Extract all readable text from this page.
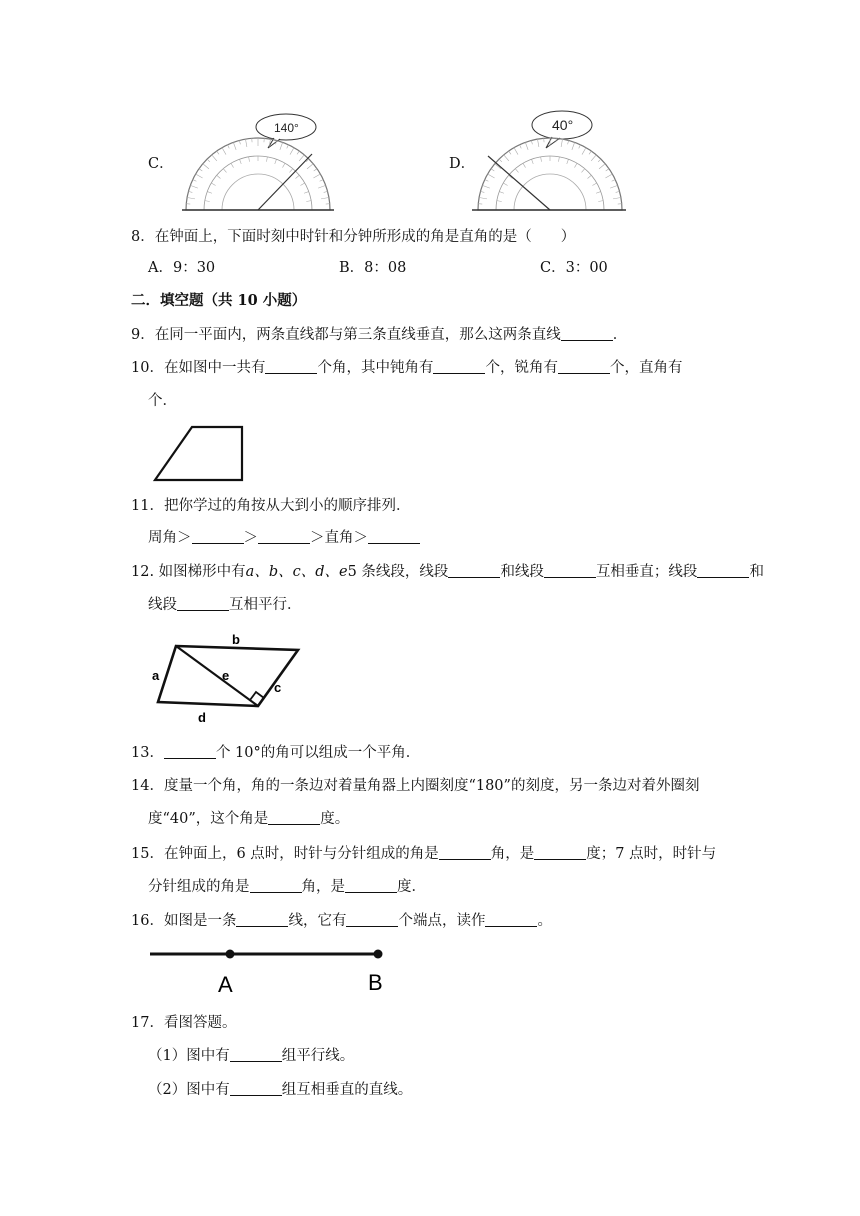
C．
140°
D．
40°
8．在钟面上，下面时刻中时针和分钟所形成的角是直角的是（　　）
A．9：30	B．8：08	C．3：00
二．填空题（共 10 小题）
9．在同一平面内，两条直线都与第三条直线垂直，那么这两条直线	．
10．在如图中一共有	个角，其中钝角有	个，锐角有	个，直角有
个．
11．把你学过的角按从大到小的顺序排列．
周角＞	＞	＞直角＞
12. 如图梯形中有a、b、c、d、e5 条线段，线段	和线段	互相垂直；线段	和
线段	互相平行．
b
a	e
c
d
13．	个 10°的角可以组成一个平角．
14．度量一个角，角的一条边对着量角器上内圈刻度“180”的刻度，另一条边对着外圈刻
度“40”，这个角是	度。
15．在钟面上，6 点时，时针与分针组成的角是	角，是	度；7 点时，时针与
分针组成的角是	角，是	度．
16．如图是一条	线，它有	个端点，读作	。
A	B
17．看图答题。
（1）图中有	组平行线。
（2）图中有	组互相垂直的直线。
